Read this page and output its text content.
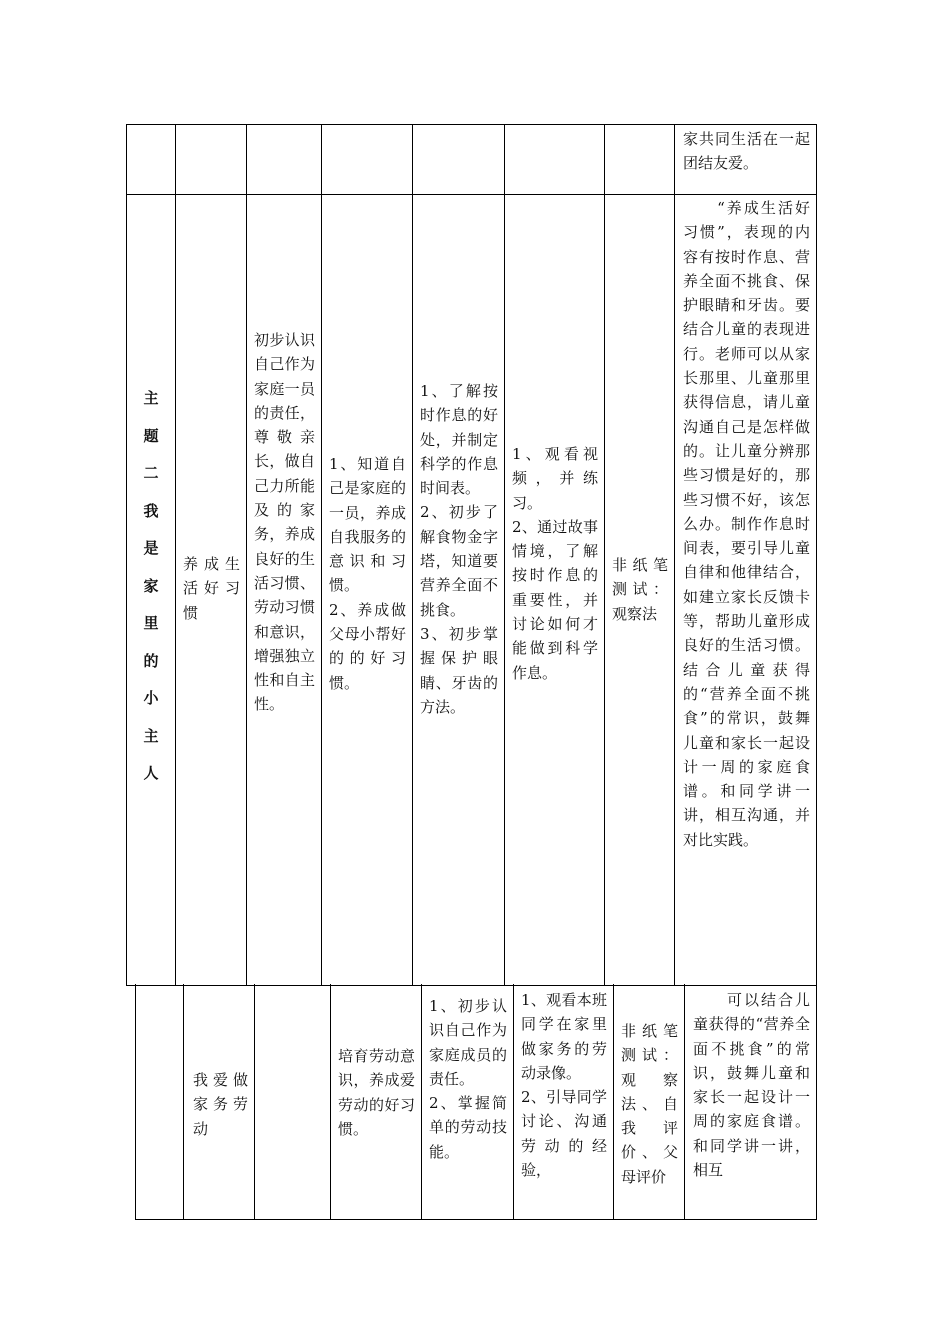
家共同生活在一起团结友爱。
主
题
二
我
是
家
里
的
小
主
人
养成生活好习惯
初步认识自己作为家庭一员的责任，尊敬亲长，做自己力所能及的家务，养成良好的生活习惯、劳动习惯和意识，增强独立性和自主性。
1、知道自己是家庭的一员，养成自我服务的意识和习惯。
2、养成做父母小帮好的的好习惯。
1、了解按时作息的好处，并制定科学的作息时间表。
2、初步了解食物金字塔，知道要营养全面不挑食。
3、初步掌握保护眼睛、牙齿的方法。
1、观看视频，并练习。
2、通过故事情境，了解按时作息的重要性，并讨论如何才能做到科学作息。
非纸笔测试：观察法
　　“养成生活好习惯”，表现的内容有按时作息、营养全面不挑食、保护眼睛和牙齿。要结合儿童的表现进行。老师可以从家长那里、儿童那里获得信息，请儿童沟通自己是怎样做的。让儿童分辨那些习惯是好的，那些习惯不好，该怎么办。制作作息时间表，要引导儿童自律和他律结合，如建立家长反馈卡等，帮助儿童形成良好的生活习惯。结合儿童获得的“营养全面不挑食”的常识，鼓舞儿童和家长一起设计一周的家庭食谱。和同学讲一讲，相互沟通，并对比实践。
我爱做家务劳动
培育劳动意识，养成爱劳动的好习惯。
1、初步认识自己作为家庭成员的责任。
2、掌握简单的劳动技能。
1、观看本班同学在家里做家务的劳动录像。
2、引导同学讨论、沟通劳动的经验，
非纸笔测试：观察法、自我评价、父母评价
　　可以结合儿童获得的“营养全面不挑食”的常识，鼓舞儿童和家长一起设计一周的家庭食谱。和同学讲一讲，相互
